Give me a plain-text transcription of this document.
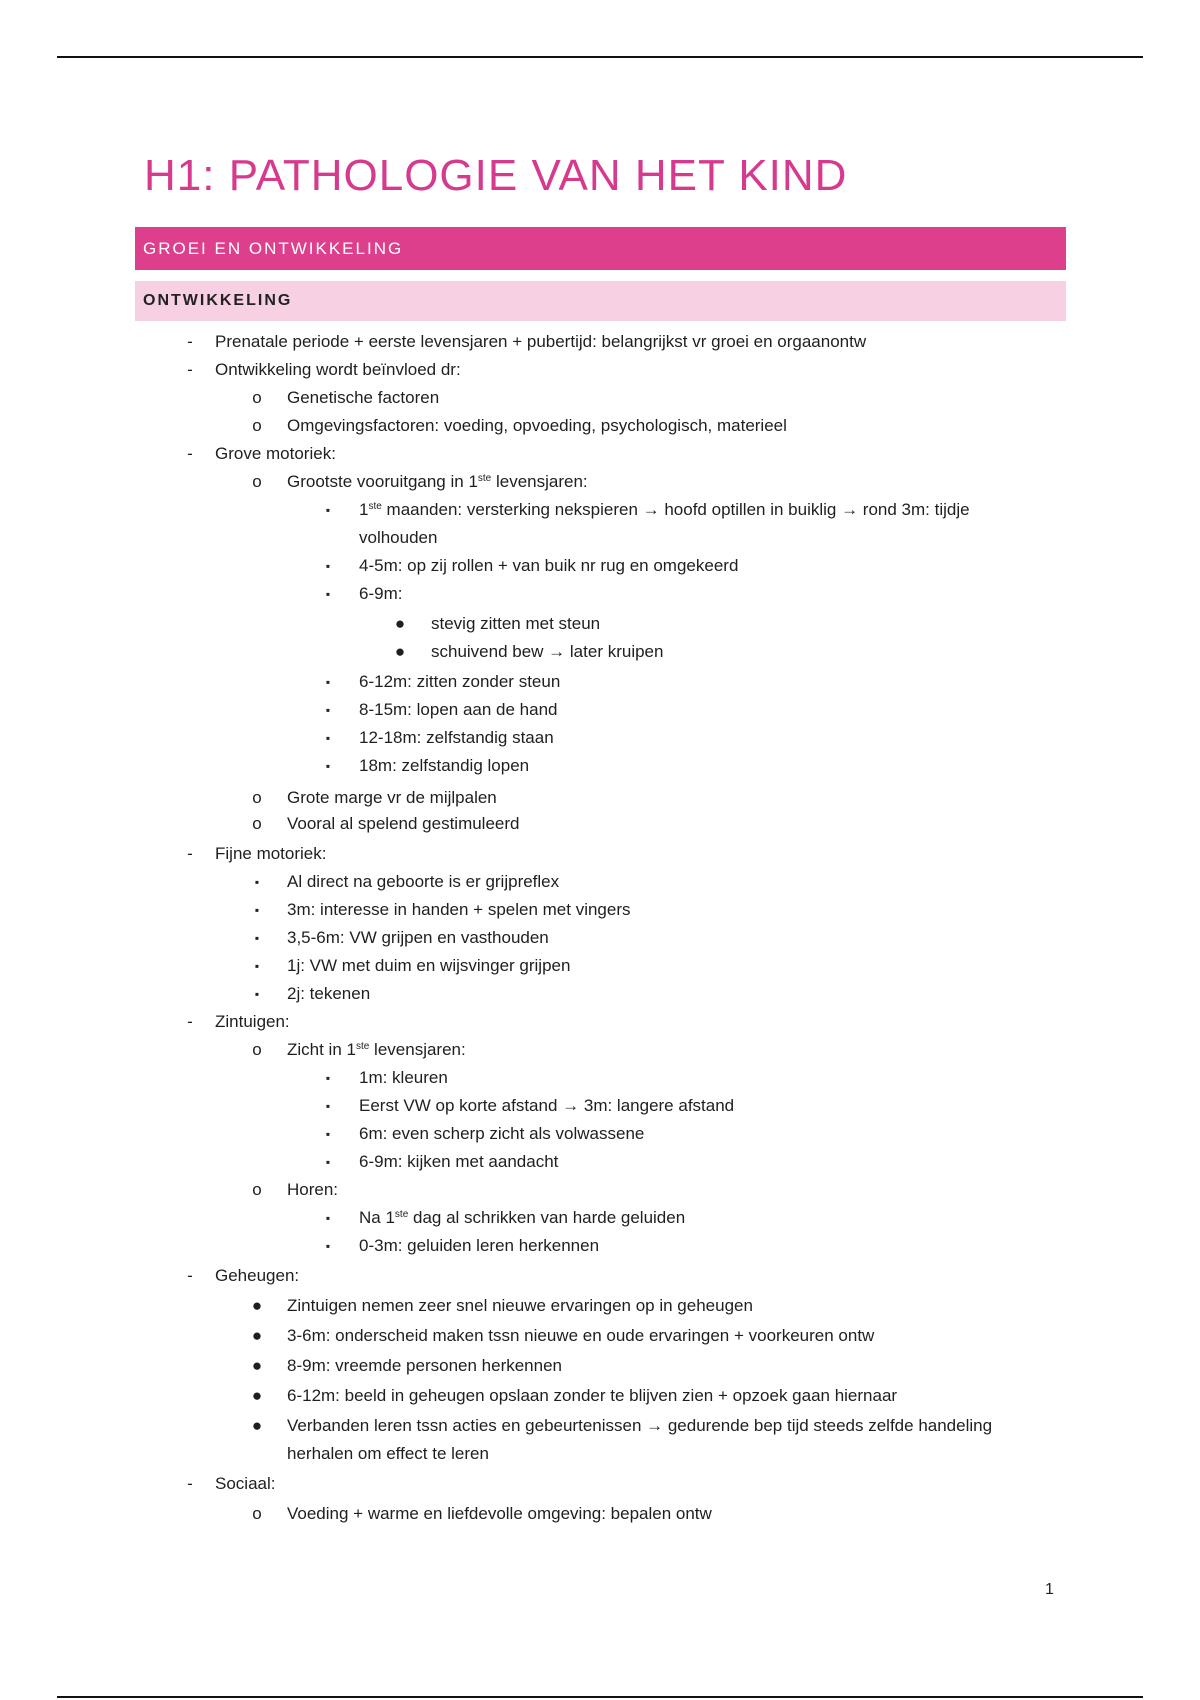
H1: PATHOLOGIE VAN HET KIND
GROEI EN ONTWIKKELING
ONTWIKKELING
-	Prenatale periode + eerste levensjaren + pubertijd: belangrijkst vr groei en orgaanontw
-	Ontwikkeling wordt beïnvloed dr:
o	Genetische factoren
o	Omgevingsfactoren: voeding, opvoeding, psychologisch, materieel
-	Grove motoriek:
o	Grootste vooruitgang in 1ste levensjaren:
▪	1ste maanden: versterking nekspieren → hoofd optillen in buiklig → rond 3m: tijdje
volhouden
▪	4-5m: op zij rollen + van buik nr rug en omgekeerd
▪	6-9m:
● stevig zitten met steun
● schuivend bew → later kruipen
▪	6-12m: zitten zonder steun
▪	8-15m: lopen aan de hand
▪	12-18m: zelfstandig staan
▪	18m: zelfstandig lopen
o	Grote marge vr de mijlpalen
o	Vooral al spelend gestimuleerd
-	Fijne motoriek:
▪	Al direct na geboorte is er grijpreflex
▪	3m: interesse in handen + spelen met vingers
▪	3,5-6m: VW grijpen en vasthouden
▪	1j: VW met duim en wijsvinger grijpen
▪	2j: tekenen
-	Zintuigen:
o	Zicht in 1ste levensjaren:
▪	1m: kleuren
▪	Eerst VW op korte afstand → 3m: langere afstand
▪	6m: even scherp zicht als volwassene
▪	6-9m: kijken met aandacht
o	Horen:
▪	Na 1ste dag al schrikken van harde geluiden
▪	0-3m: geluiden leren herkennen
-	Geheugen:
● Zintuigen nemen zeer snel nieuwe ervaringen op in geheugen
● 3-6m: onderscheid maken tssn nieuwe en oude ervaringen + voorkeuren ontw
● 8-9m: vreemde personen herkennen
● 6-12m: beeld in geheugen opslaan zonder te blijven zien + opzoek gaan hiernaar
● Verbanden leren tssn acties en gebeurtenissen → gedurende bep tijd steeds zelfde handeling
herhalen om effect te leren
-	Sociaal:
o	Voeding + warme en liefdevolle omgeving: bepalen ontw
1
